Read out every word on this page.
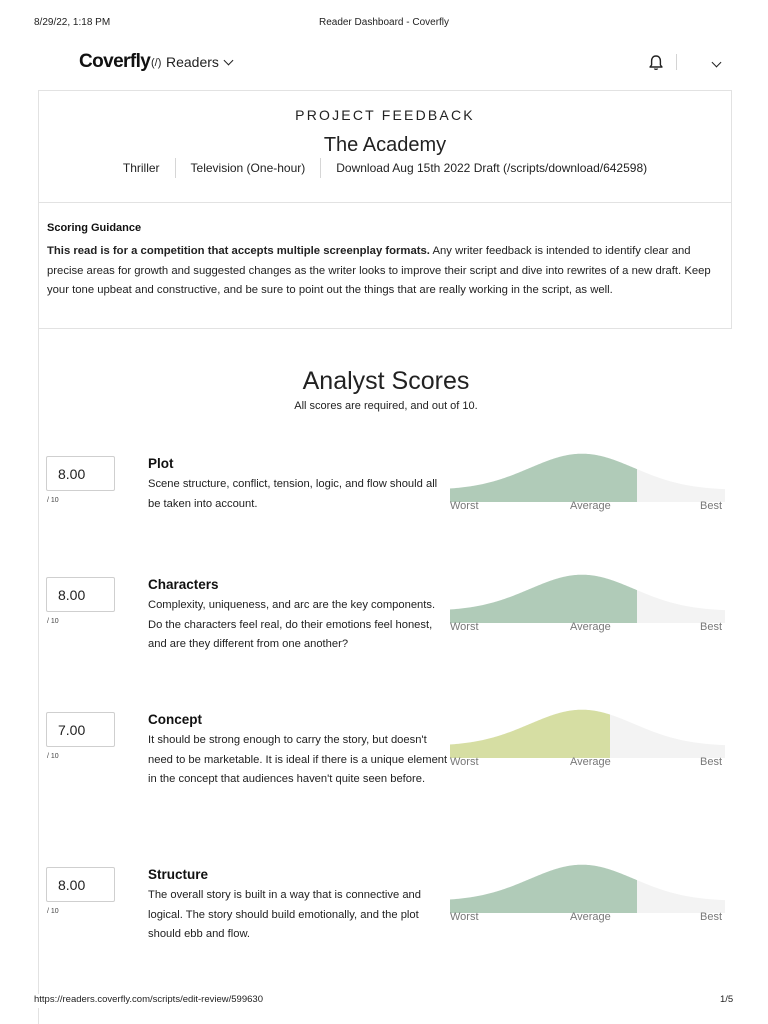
8/29/22, 1:18 PM	Reader Dashboard - Coverfly
Coverfly (/) Readers
PROJECT FEEDBACK
The Academy
Thriller	Television (One-hour)	Download Aug 15th 2022 Draft (/scripts/download/642598)
Scoring Guidance
This read is for a competition that accepts multiple screenplay formats. Any writer feedback is intended to identify clear and precise areas for growth and suggested changes as the writer looks to improve their script and dive into rewrites of a new draft. Keep your tone upbeat and constructive, and be sure to point out the things that are really working in the script, as well.
Analyst Scores
All scores are required, and out of 10.
8.00
/ 10
Plot
Scene structure, conflict, tension, logic, and flow should all be taken into account.	Worst	Average	Best
8.00
/ 10
Characters
Complexity, uniqueness, and arc are the key components. Do the characters feel real, do their emotions feel honest, and are they different from one another?
Worst	Average	Best
7.00
/ 10
Concept
It should be strong enough to carry the story, but doesn't need to be marketable. It is ideal if there is a unique element in the concept that audiences haven't quite seen before.
Worst	Average	Best
8.00
/ 10
Structure
The overall story is built in a way that is connective and logical. The story should build emotionally, and the plot should ebb and flow.
Worst	Average	Best
https://readers.coverfly.com/scripts/edit-review/599630	1/5
